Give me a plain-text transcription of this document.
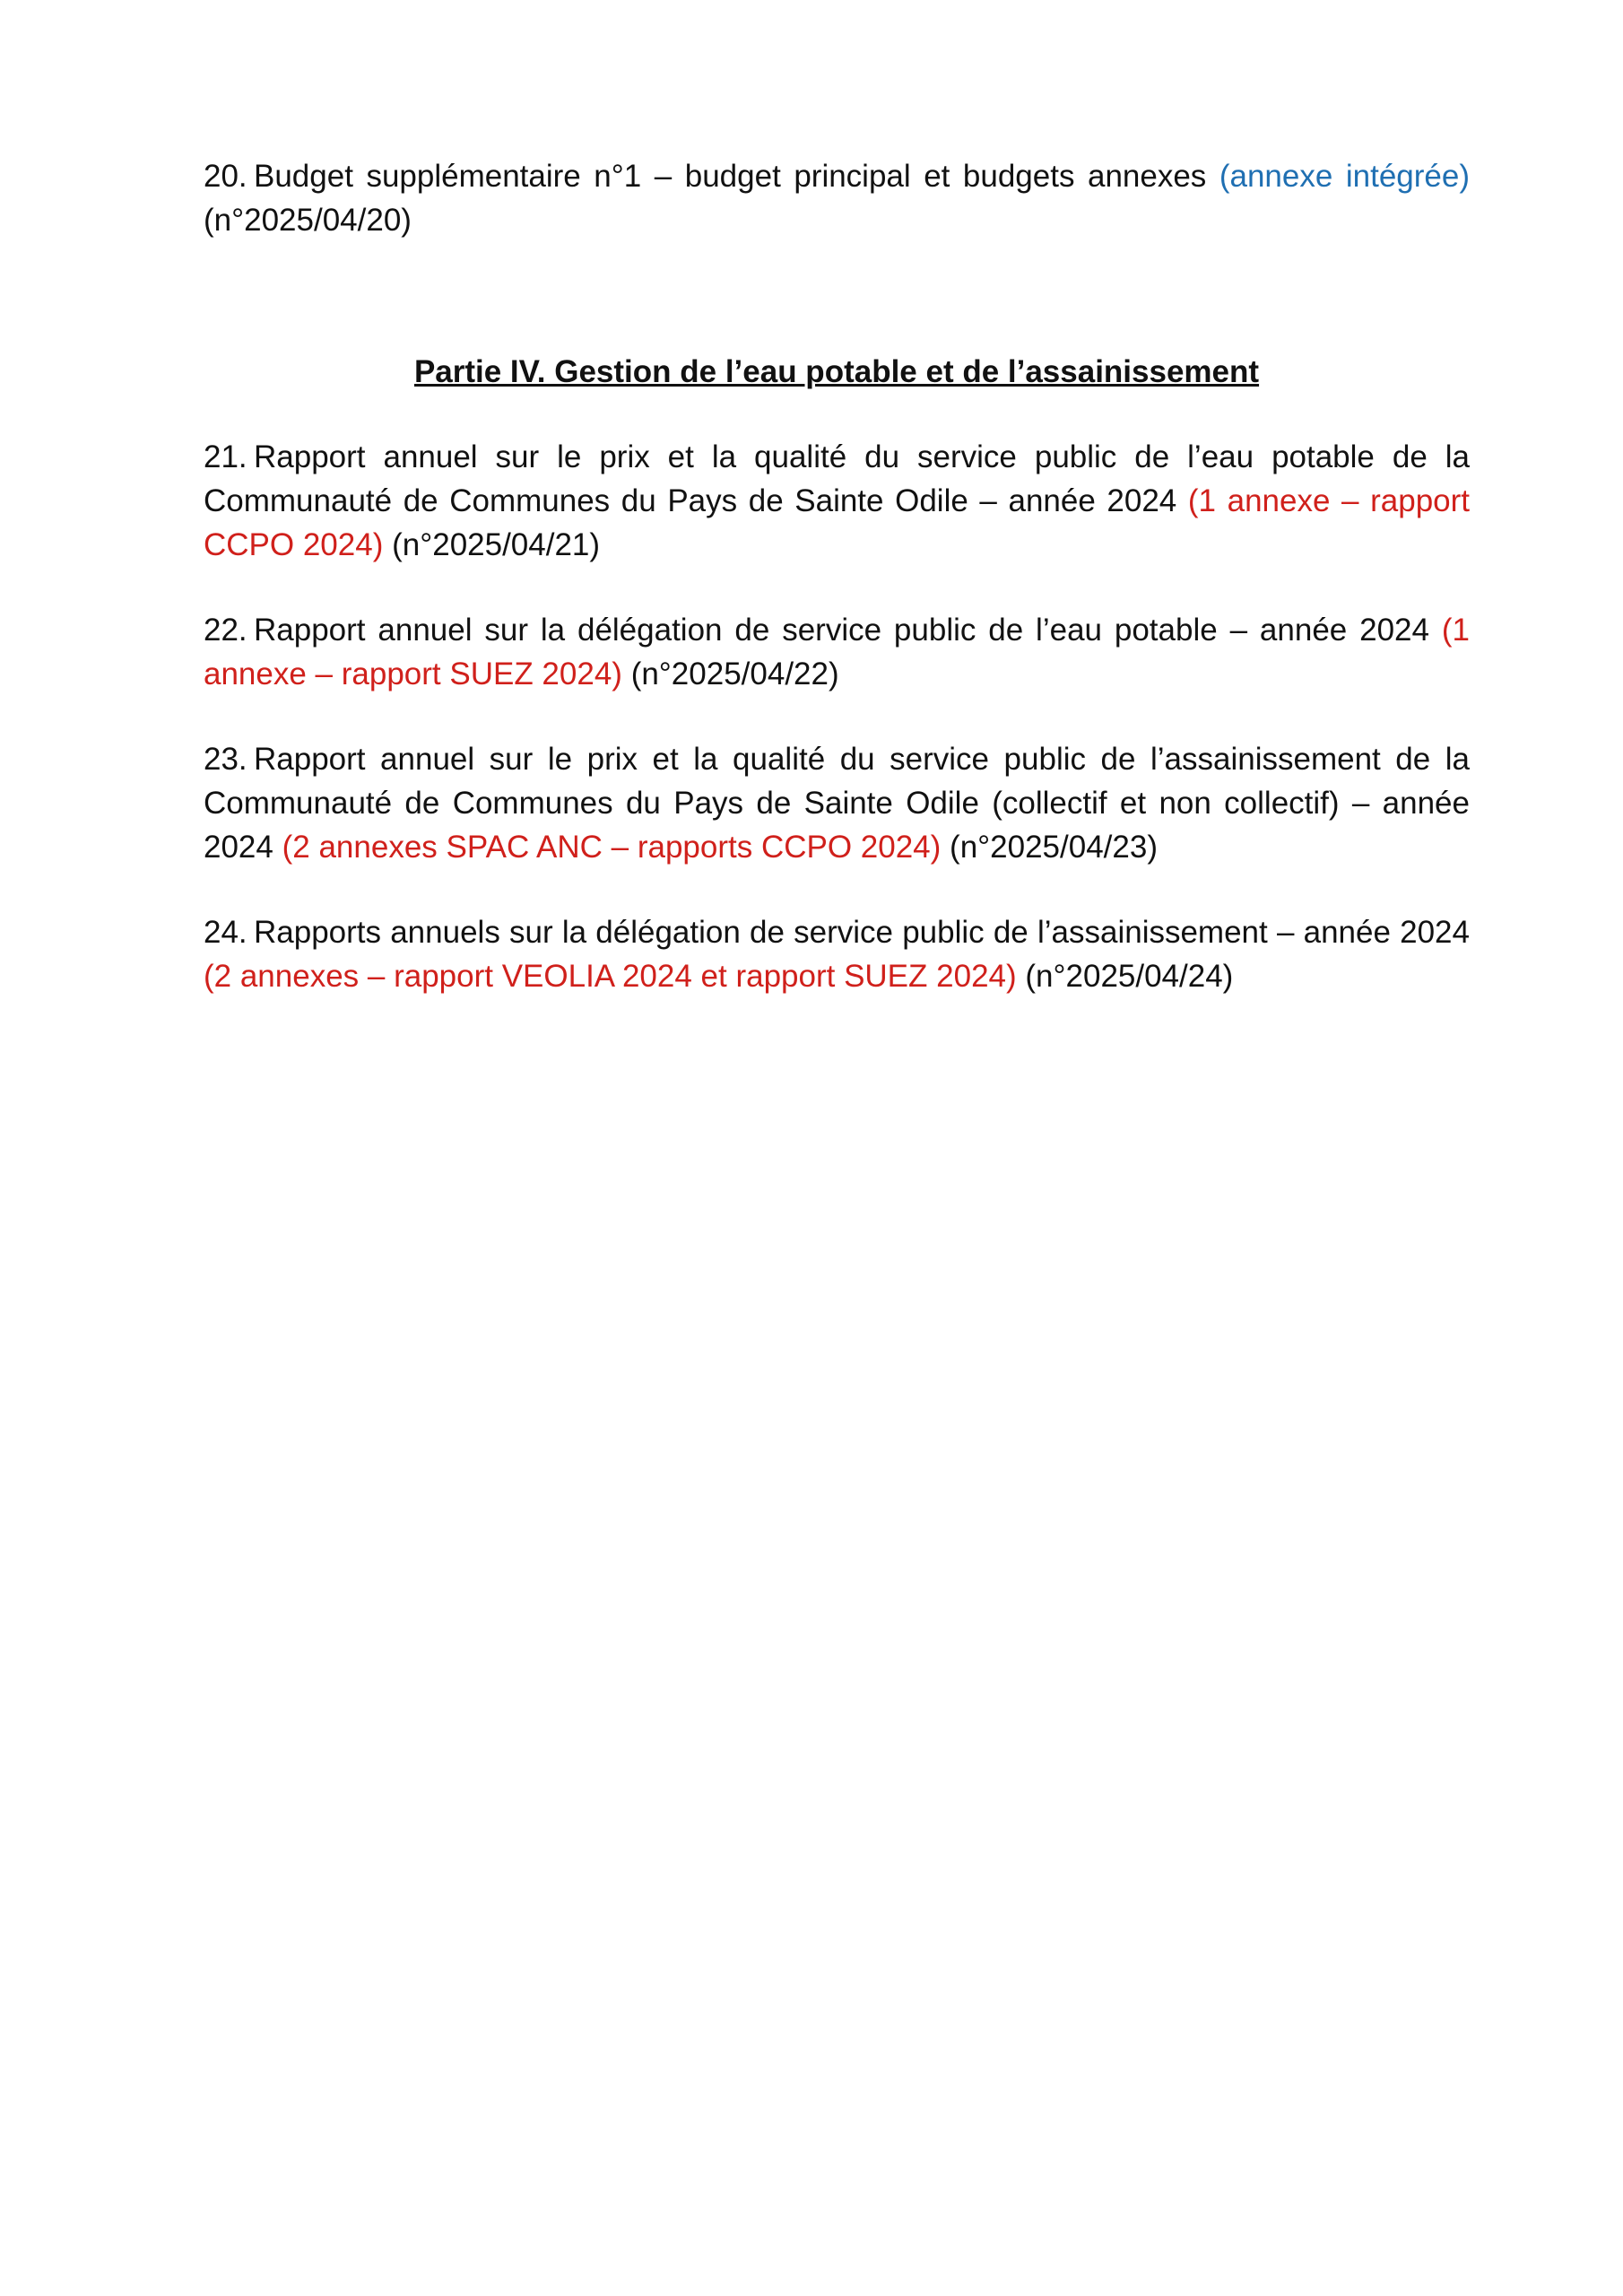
20. Budget supplémentaire n°1 – budget principal et budgets annexes (annexe intégrée) (n°2025/04/20)

Partie IV. Gestion de l’eau potable et de l’assainissement

21. Rapport annuel sur le prix et la qualité du service public de l’eau potable de la Communauté de Communes du Pays de Sainte Odile – année 2024 (1 annexe – rapport CCPO 2024) (n°2025/04/21)

22. Rapport annuel sur la délégation de service public de l’eau potable – année 2024 (1 annexe – rapport SUEZ 2024) (n°2025/04/22)

23. Rapport annuel sur le prix et la qualité du service public de l’assainissement de la Communauté de Communes du Pays de Sainte Odile (collectif et non collectif) – année 2024 (2 annexes SPAC ANC – rapports CCPO 2024) (n°2025/04/23)

24. Rapports annuels sur la délégation de service public de l’assainissement – année 2024 (2 annexes – rapport VEOLIA 2024 et rapport SUEZ 2024) (n°2025/04/24)
